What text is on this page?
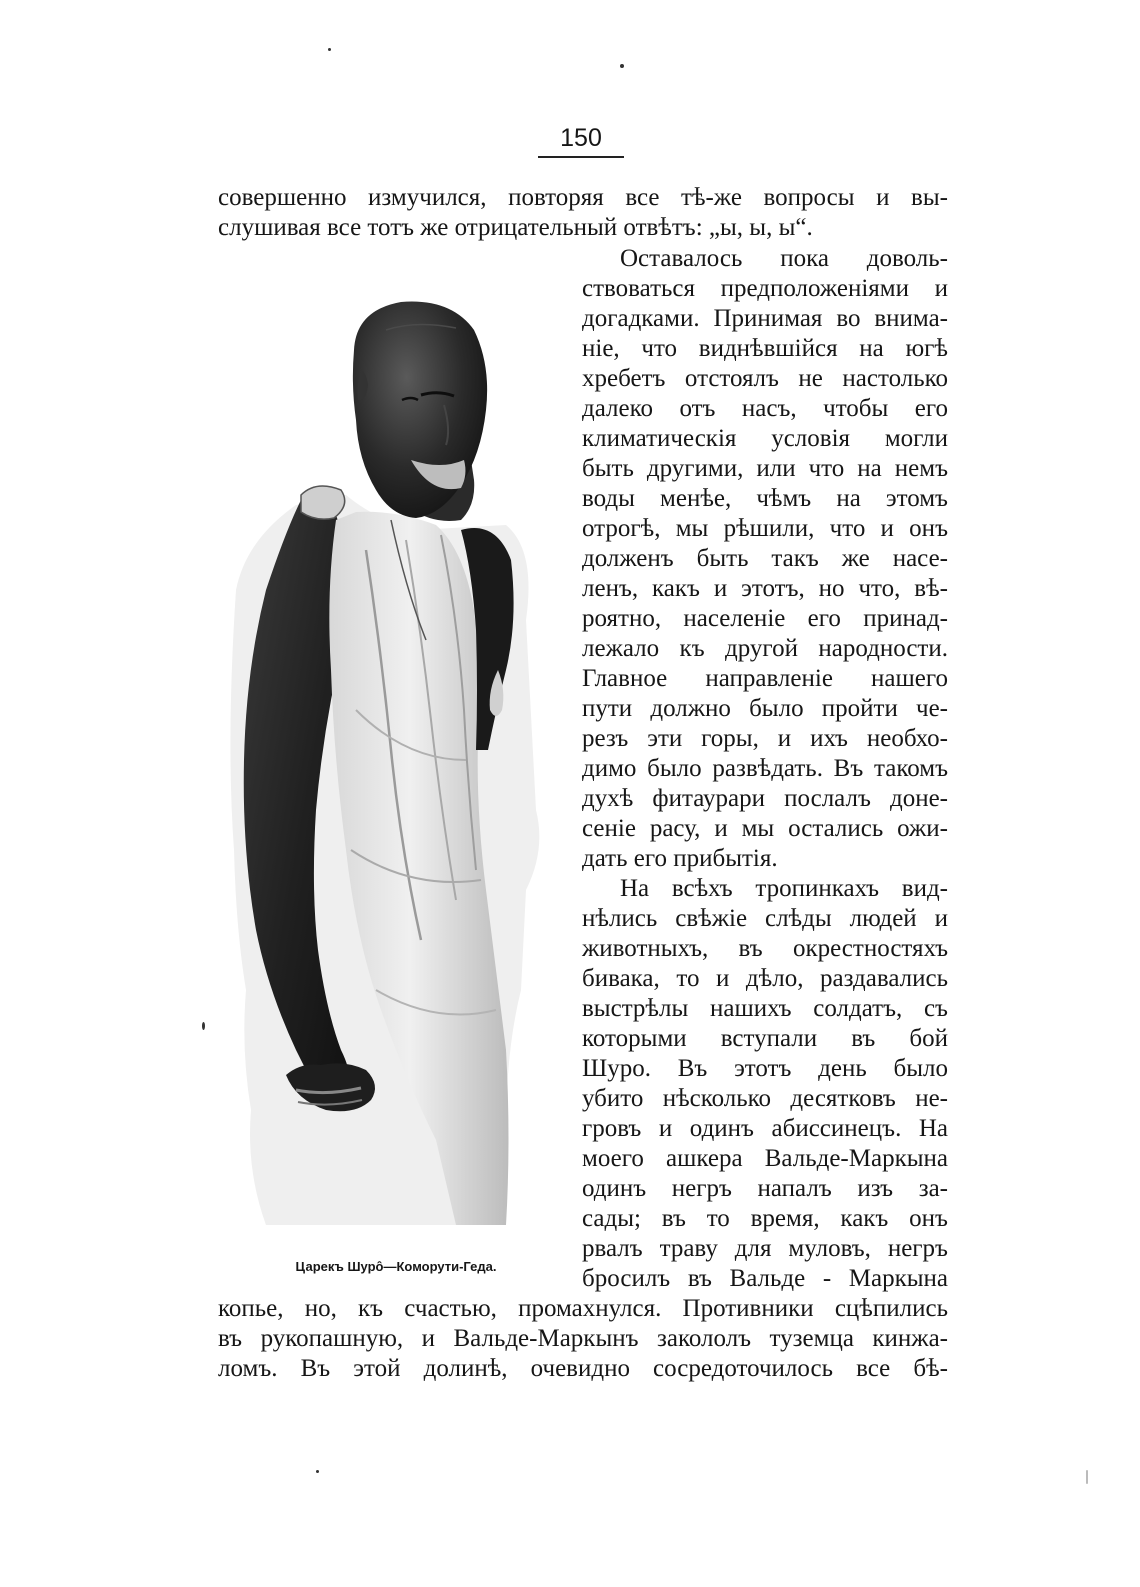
150
совершенно измучился, повторяя все тѣ-же вопросы и вы-
слушивая все тотъ же отрицательный отвѣтъ: „ы, ы, ы“.
Оставалось пока доволь-
ствоваться предположеніями и
догадками. Принимая во внима-
ніе, что виднѣвшійся на югѣ
хребетъ отстоялъ не настолько
далеко отъ насъ, чтобы его
климатическія условія могли
быть другими, или что на немъ
воды менѣе, чѣмъ на этомъ
отрогѣ, мы рѣшили, что и онъ
долженъ быть такъ же насе-
ленъ, какъ и этотъ, но что, вѣ-
роятно, населеніе его принад-
лежало къ другой народности.
Главное направленіе нашего
пути должно было пройти че-
резъ эти горы, и ихъ необхо-
димо было развѣдать. Въ такомъ
духѣ фитаурари послалъ доне-
сеніе расу, и мы остались ожи-
дать его прибытія.
На всѣхъ тропинкахъ вид-
нѣлись свѣжіе слѣды людей и
животныхъ, въ окрестностяхъ
бивака, то и дѣло, раздавались
выстрѣлы нашихъ солдатъ, съ
которыми вступали въ бой
Шуро. Въ этотъ день было
убито нѣсколько десятковъ не-
гровъ и одинъ абиссинецъ. На
моего ашкера Вальде-Маркына
одинъ негръ напалъ изъ за-
сады; въ то время, какъ онъ
рвалъ траву для муловъ, негръ
бросилъ въ Вальде - Маркына
копье, но, къ счастью, промахнулся. Противники сцѣпились
въ рукопашную, и Вальде-Маркынъ закололъ туземца кинжа-
ломъ. Въ этой долинѣ, очевидно сосредоточилось все бѣ-
Царекъ Шурô—Коморути-Геда.
